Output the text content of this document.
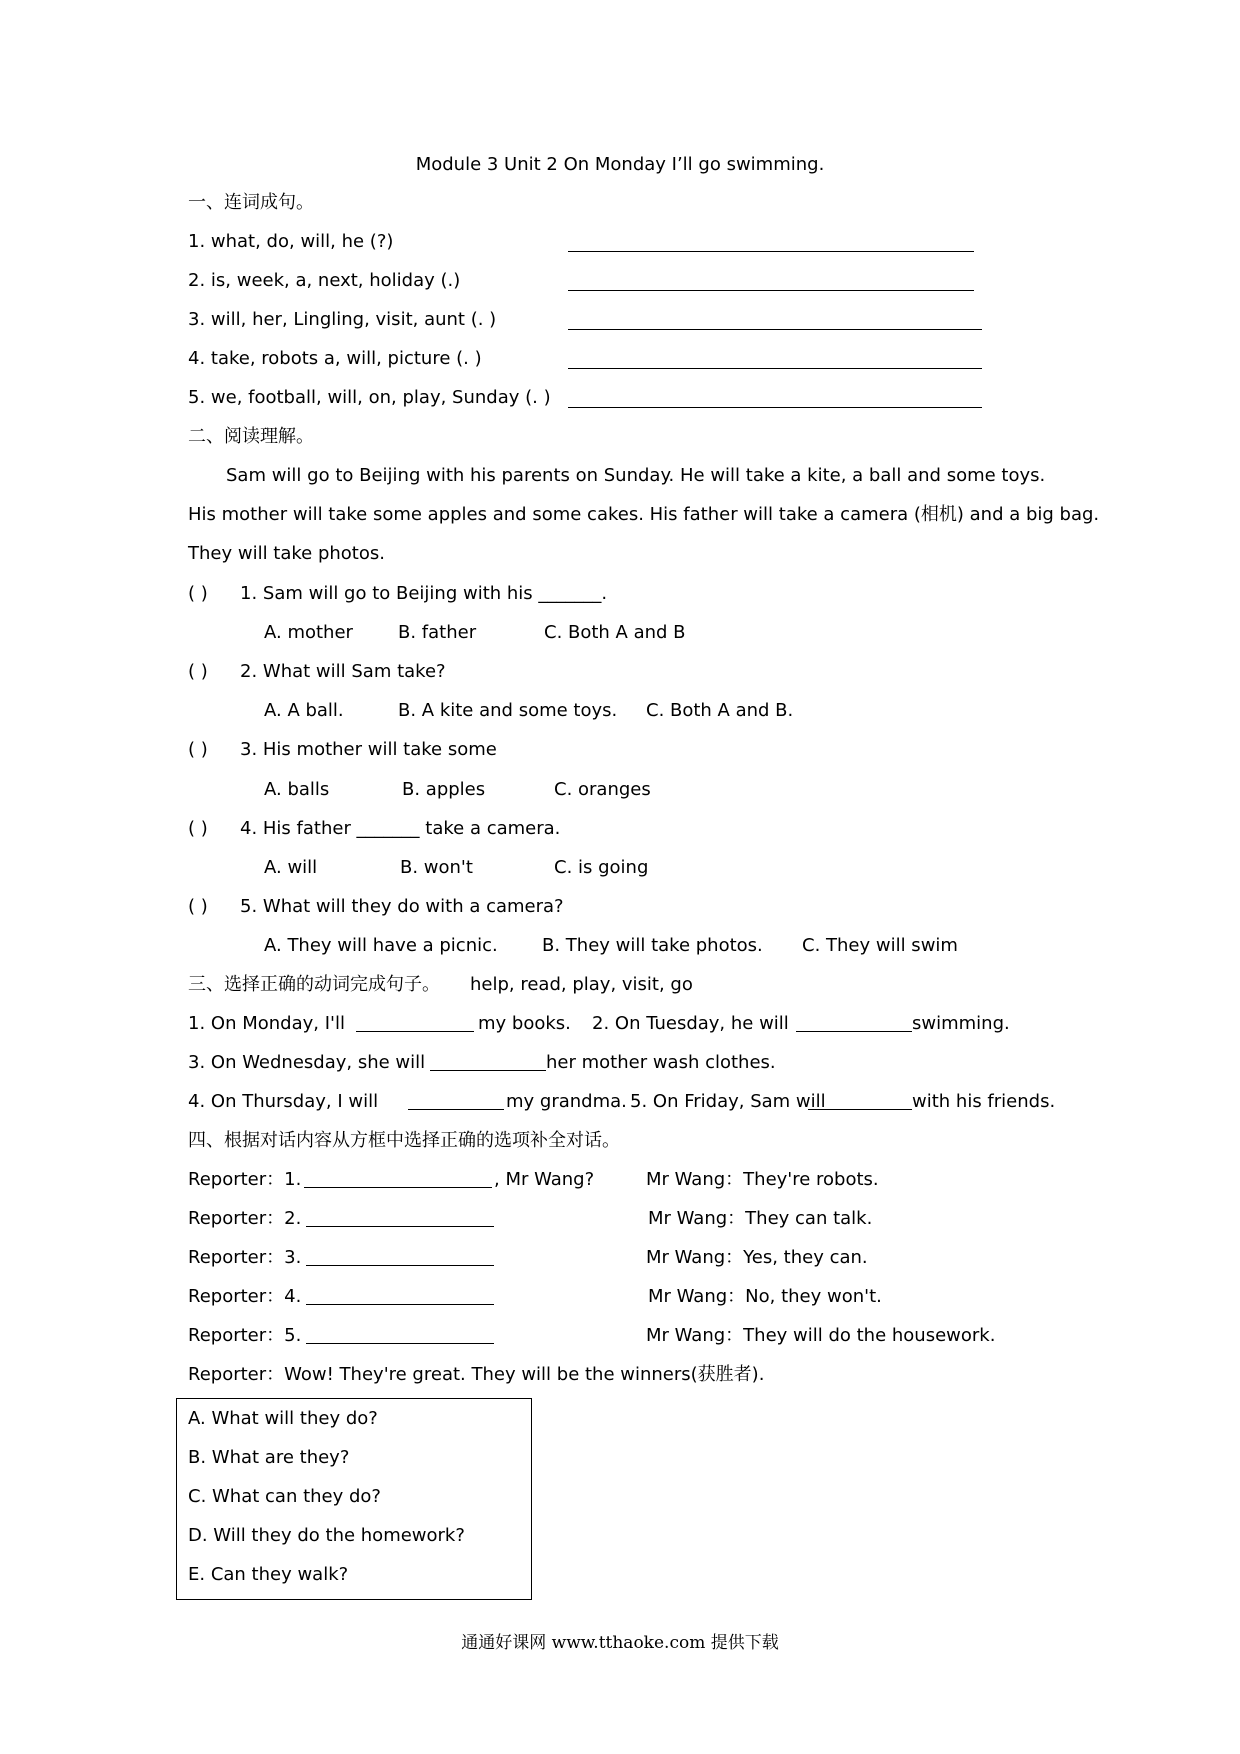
Module 3 Unit 2 On Monday I’ll go swimming.
一、连词成句。
1. what, do, will, he (?)
2. is, week, a, next, holiday (.)
3. will, her, Lingling, visit, aunt (. )
4. take, robots a, will, picture (. )
5. we, football, will, on, play, Sunday (. )
二、阅读理解。
Sam will go to Beijing with his parents on Sunday. He will take a kite, a ball and some toys.
His mother will take some apples and some cakes. His father will take a camera (相机) and a big bag.
They will take photos.
( ) 1. Sam will go to Beijing with his _______.
A. mother	B. father	C. Both A and B
( ) 2. What will Sam take?
A. A ball.	B. A kite and some toys. C. Both A and B.
( ) 3. His mother will take some
A. balls	B. apples	C. oranges
( ) 4. His father _______ take a camera.
A. will	B. won't	C. is going
( ) 5. What will they do with a camera?
A. They will have a picnic. B. They will take photos. C. They will swim
三、选择正确的动词完成句子。 help, read, play, visit, go
1. On Monday, I'll	my books. 2. On Tuesday, he will	swimming.
3. On Wednesday, she will	her mother wash clothes.
4. On Thursday, I will	my grandma. 5. On Friday, Sam will	with his friends.
四、根据对话内容从方框中选择正确的选项补全对话。
Reporter：1.	, Mr Wang?	Mr Wang：They're robots.
Reporter：2.	Mr Wang：They can talk.
Reporter：3.	Mr Wang：Yes, they can.
Reporter：4.	Mr Wang：No, they won't.
Reporter：5.	Mr Wang：They will do the housework.
Reporter：Wow! They're great. They will be the winners(获胜者).
A. What will they do?
B. What are they?
C. What can they do?
D. Will they do the homework?
E. Can they walk?
通通好课网 www.tthaoke.com 提供下载
